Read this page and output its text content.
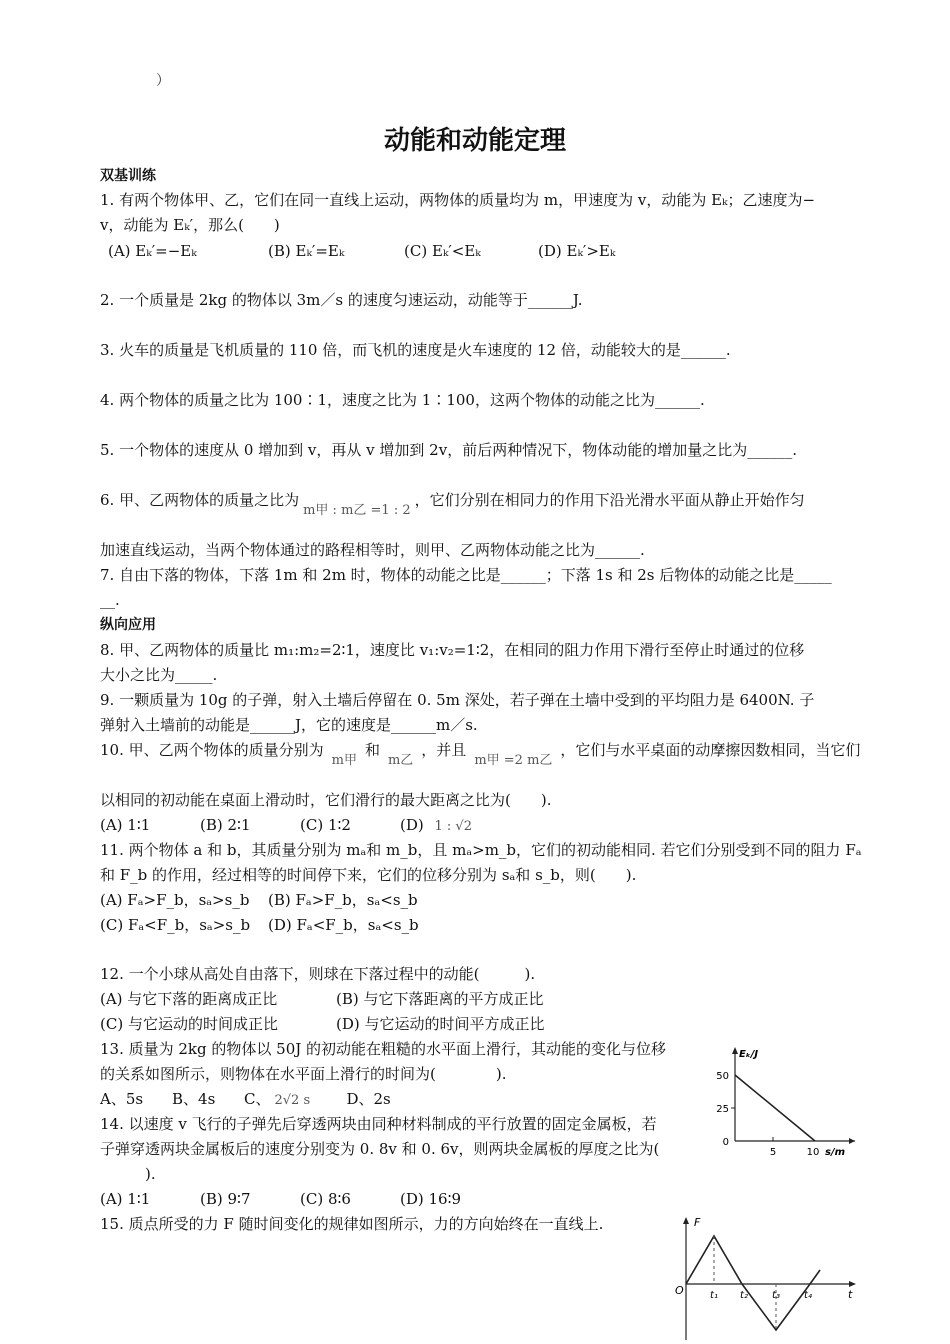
）
动能和动能定理
双基训练
1. 有两个物体甲、乙，它们在同一直线上运动，两物体的质量均为 m，甲速度为 v，动能为 Eₖ；乙速度为−
v，动能为 Eₖ′，那么(　　)
(A) Eₖ′=−Eₖ	(B) Eₖ′=Eₖ	(C) Eₖ′<Eₖ	(D) Eₖ′>Eₖ
2. 一个质量是 2kg 的物体以 3m／s 的速度匀速运动，动能等于______J.
3. 火车的质量是飞机质量的 110 倍，而飞机的速度是火车速度的 12 倍，动能较大的是______.
4. 两个物体的质量之比为 100∶1，速度之比为 1∶100，这两个物体的动能之比为______.
5. 一个物体的速度从 0 增加到 v，再从 v 增加到 2v，前后两种情况下，物体动能的增加量之比为______.
6. 甲、乙两物体的质量之比为m甲 : m乙 =1 : 2，它们分别在相同力的作用下沿光滑水平面从静止开始作匀
加速直线运动，当两个物体通过的路程相等时，则甲、乙两物体动能之比为______.
7. 自由下落的物体，下落 1m 和 2m 时，物体的动能之比是______；下落 1s 和 2s 后物体的动能之比是_____
__.
纵向应用
8. 甲、乙两物体的质量比 m₁:m₂=2∶1，速度比 v₁:v₂=1∶2，在相同的阻力作用下滑行至停止时通过的位移
大小之比为_____.
9. 一颗质量为 10g 的子弹，射入土墙后停留在 0. 5m 深处，若子弹在土墙中受到的平均阻力是 6400N. 子
弹射入土墙前的动能是______J，它的速度是______m／s.
10. 甲、乙两个物体的质量分别为m甲和m乙，并且m甲 =2 m乙，它们与水平桌面的动摩擦因数相同，当它们
以相同的初动能在桌面上滑动时，它们滑行的最大距离之比为(　　).
(A) 1∶1	(B) 2∶1	(C) 1∶2	(D) 1 : √2
11. 两个物体 a 和 b，其质量分别为 mₐ和 m_b，且 mₐ>m_b，它们的初动能相同. 若它们分别受到不同的阻力 Fₐ
和 F_b 的作用，经过相等的时间停下来，它们的位移分别为 sₐ和 s_b，则(　　).
(A) Fₐ>F_b，sₐ>s_b (B) Fₐ>F_b，sₐ<s_b
(C) Fₐ<F_b，sₐ>s_b (D) Fₐ<F_b，sₐ<s_b
12. 一个小球从高处自由落下，则球在下落过程中的动能(　　　).
(A) 与它下落的距离成正比	(B) 与它下落距离的平方成正比
(C) 与它运动的时间成正比	(D) 与它运动的时间平方成正比
13. 质量为 2kg 的物体以 50J 的初动能在粗糙的水平面上滑行，其动能的变化与位移
的关系如图所示，则物体在水平面上滑行的时间为(　　　　).
A、5s B、4s C、 2√2 s D、2s
Eₖ/J
50
25
0
5	10 s/m
14. 以速度 v 飞行的子弹先后穿透两块由同种材料制成的平行放置的固定金属板，若
子弹穿透两块金属板后的速度分别变为 0. 8v 和 0. 6v，则两块金属板的厚度之比为(
　　　).
(A) 1∶1	(B) 9∶7	(C) 8∶6	(D) 16∶9
15. 质点所受的力 F 随时间变化的规律如图所示，力的方向始终在一直线上.	F
O	t₁ t₂ t₃ t₄	t
